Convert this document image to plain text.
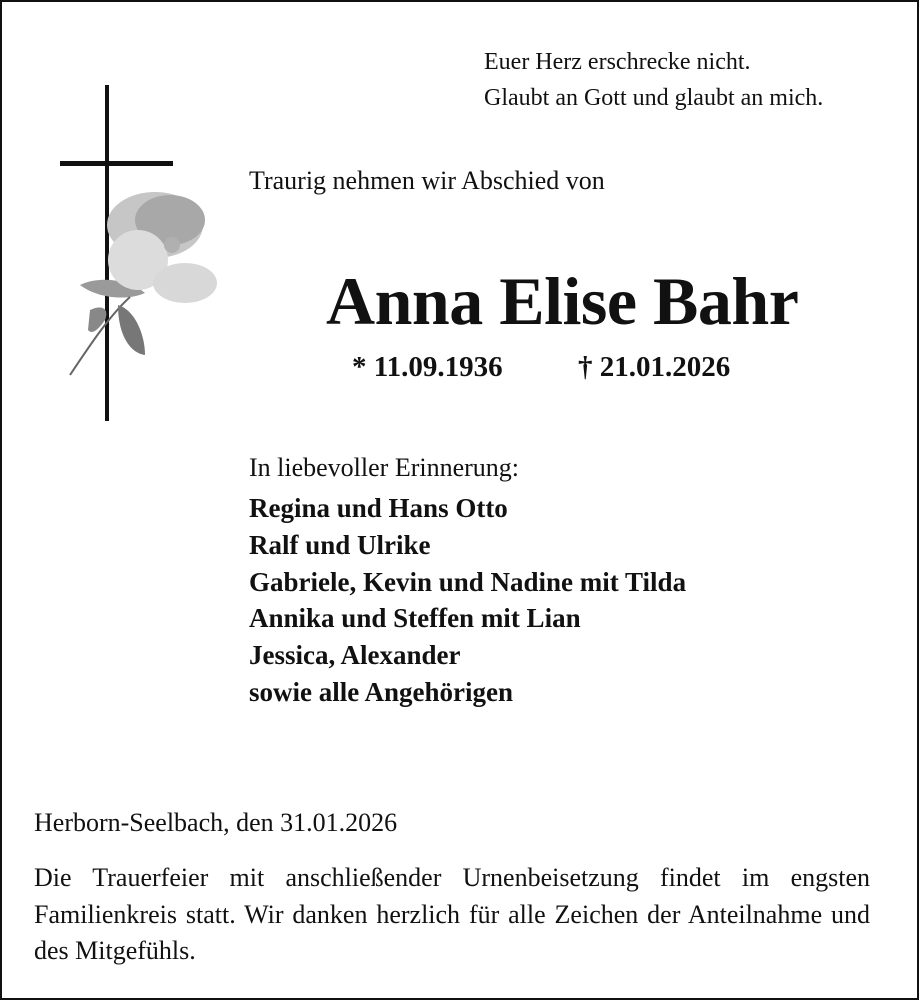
Euer Herz erschrecke nicht.
Glaubt an Gott und glaubt an mich.
Traurig nehmen wir Abschied von
Anna Elise Bahr
* 11.09.1936	† 21.01.2026
In liebevoller Erinnerung:
Regina und Hans Otto
Ralf und Ulrike
Gabriele, Kevin und Nadine mit Tilda
Annika und Steffen mit Lian
Jessica, Alexander
sowie alle Angehörigen
Herborn-Seelbach, den 31.01.2026
Die Trauerfeier mit anschließender Urnenbeisetzung findet im engsten Familienkreis statt. Wir danken herzlich für alle Zeichen der Anteilnahme und des Mitgefühls.
